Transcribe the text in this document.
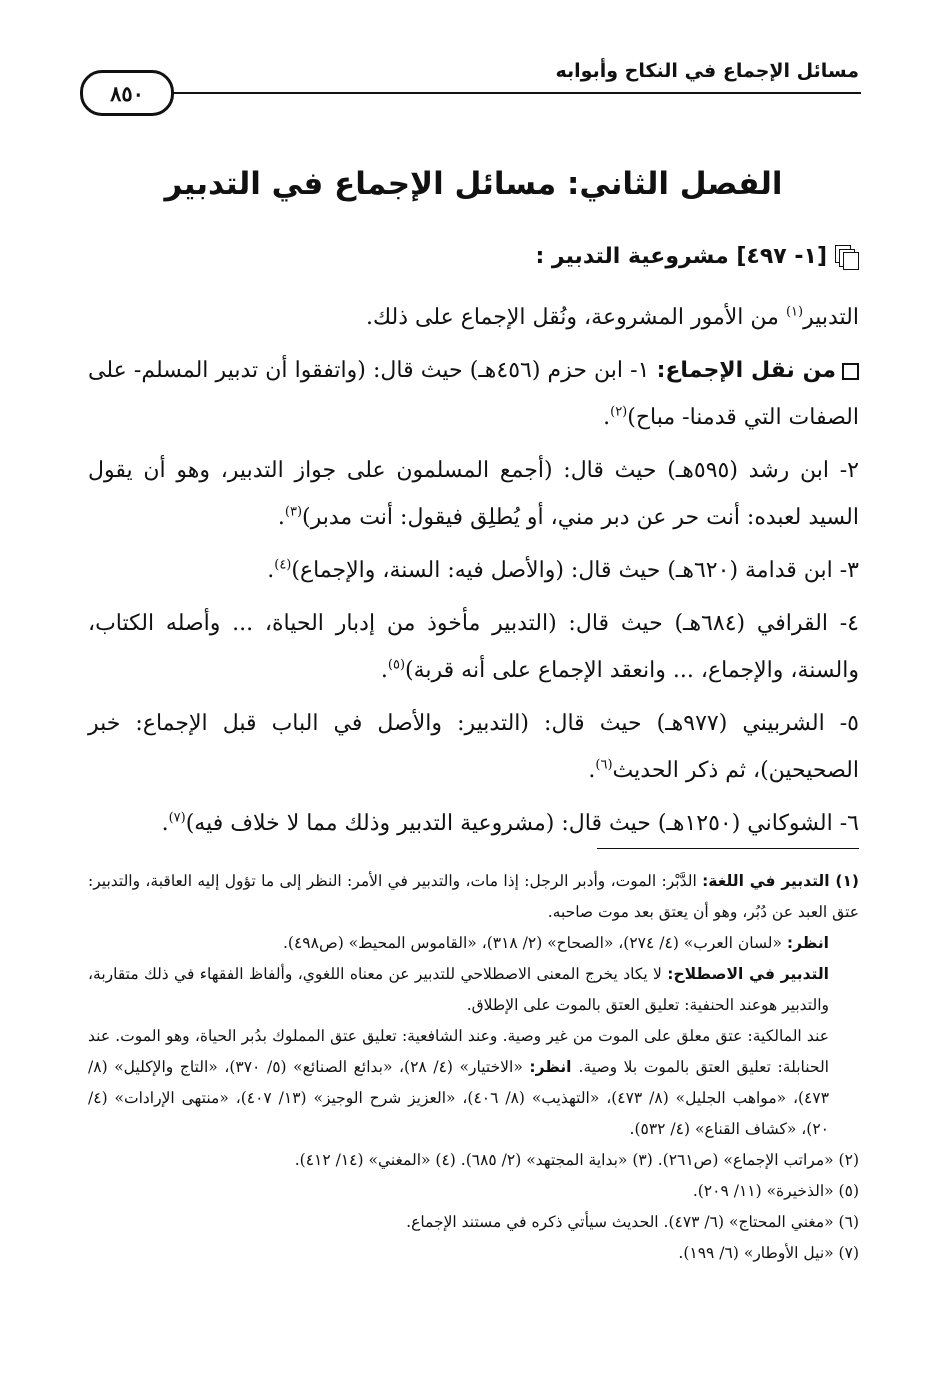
مسائل الإجماع في النكاح وأبوابه
٨٥٠
الفصل الثاني: مسائل الإجماع في التدبير
[١- ٤٩٧] مشروعية التدبير :

التدبير$^{(١)}$ من الأمور المشروعة، ونُقل الإجماع على ذلك.

من نقل الإجماع: ١- ابن حزم (٤٥٦هـ) حيث قال: (واتفقوا أن تدبير المسلم- على الصفات التي قدمنا- مباح)$^{(٢)}$.

٢- ابن رشد (٥٩٥هـ) حيث قال: (أجمع المسلمون على جواز التدبير، وهو أن يقول السيد لعبده: أنت حر عن دبر مني، أو يُطلِق فيقول: أنت مدبر)$^{(٣)}$.

٣- ابن قدامة (٦٢٠هـ) حيث قال: (والأصل فيه: السنة، والإجماع)$^{(٤)}$.

٤- القرافي (٦٨٤هـ) حيث قال: (التدبير مأخوذ من إدبار الحياة، ... وأصله الكتاب، والسنة، والإجماع، ... وانعقد الإجماع على أنه قربة)$^{(٥)}$.

٥- الشربيني (٩٧٧هـ) حيث قال: (التدبير: والأصل في الباب قبل الإجماع: خبر الصحيحين)، ثم ذكر الحديث$^{(٦)}$.

٦- الشوكاني (١٢٥٠هـ) حيث قال: (مشروعية التدبير وذلك مما لا خلاف فيه)$^{(٧)}$.

(١) التدبير في اللغة: الدَّبْر: الموت، وأدبر الرجل: إذا مات، والتدبير في الأمر: النظر إلى ما تؤول إليه العاقبة، والتدبير: عتق العبد عن دُبُر، وهو أن يعتق بعد موت صاحبه.

انظر: «لسان العرب» (٤/ ٢٧٤)، «الصحاح» (٢/ ٣١٨)، «القاموس المحيط» (ص٤٩٨).

التدبير في الاصطلاح: لا يكاد يخرج المعنى الاصطلاحي للتدبير عن معناه اللغوي، وألفاظ الفقهاء في ذلك متقاربة، والتدبير هوعند الحنفية: تعليق العتق بالموت على الإطلاق.

عند المالكية: عتق معلق على الموت من غير وصية. وعند الشافعية: تعليق عتق المملوك بدُبر الحياة، وهو الموت. عند الحنابلة: تعليق العتق بالموت بلا وصية. انظر: «الاختيار» (٤/ ٢٨)، «بدائع الصنائع» (٥/ ٣٧٠)، «التاج والإكليل» (٨/ ٤٧٣)، «مواهب الجليل» (٨/ ٤٧٣)، «التهذيب» (٨/ ٤٠٦)، «العزيز شرح الوجيز» (١٣/ ٤٠٧)، «منتهى الإرادات» (٤/ ٢٠)، «كشاف القناع» (٤/ ٥٣٢).

(٢) «مراتب الإجماع» (ص٢٦١). (٣) «بداية المجتهد» (٢/ ٦٨٥). (٤) «المغني» (١٤/ ٤١٢).

(٥) «الذخيرة» (١١/ ٢٠٩).

(٦) «مغني المحتاج» (٦/ ٤٧٣). الحديث سيأتي ذكره في مستند الإجماع.

(٧) «نيل الأوطار» (٦/ ١٩٩).
